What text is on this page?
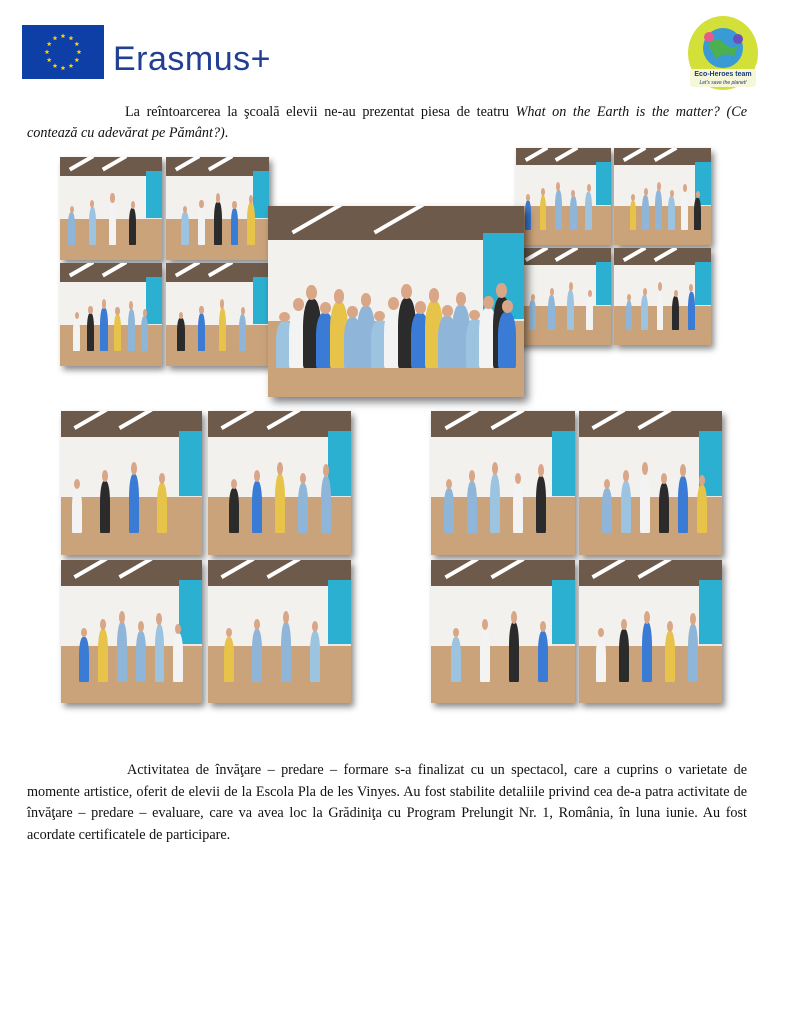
Erasmus+	Eco-Heroes team
Let's save the planet!
La reîntoarcerea la şcoală elevii ne-au prezentat piesa de teatru What on the Earth is the matter? (Ce contează cu adevărat pe Pământ?).
Activitatea de învăţare – predare – formare s-a finalizat cu un spectacol, care a cuprins o varietate de momente artistice, oferit de elevii de la Escola Pla de les Vinyes. Au fost stabilite detaliile privind cea de-a patra activitate de învăţare – predare – evaluare, care va avea loc la Grădiniţa cu Program Prelungit Nr. 1, România, în luna iunie. Au fost acordate certificatele de participare.
